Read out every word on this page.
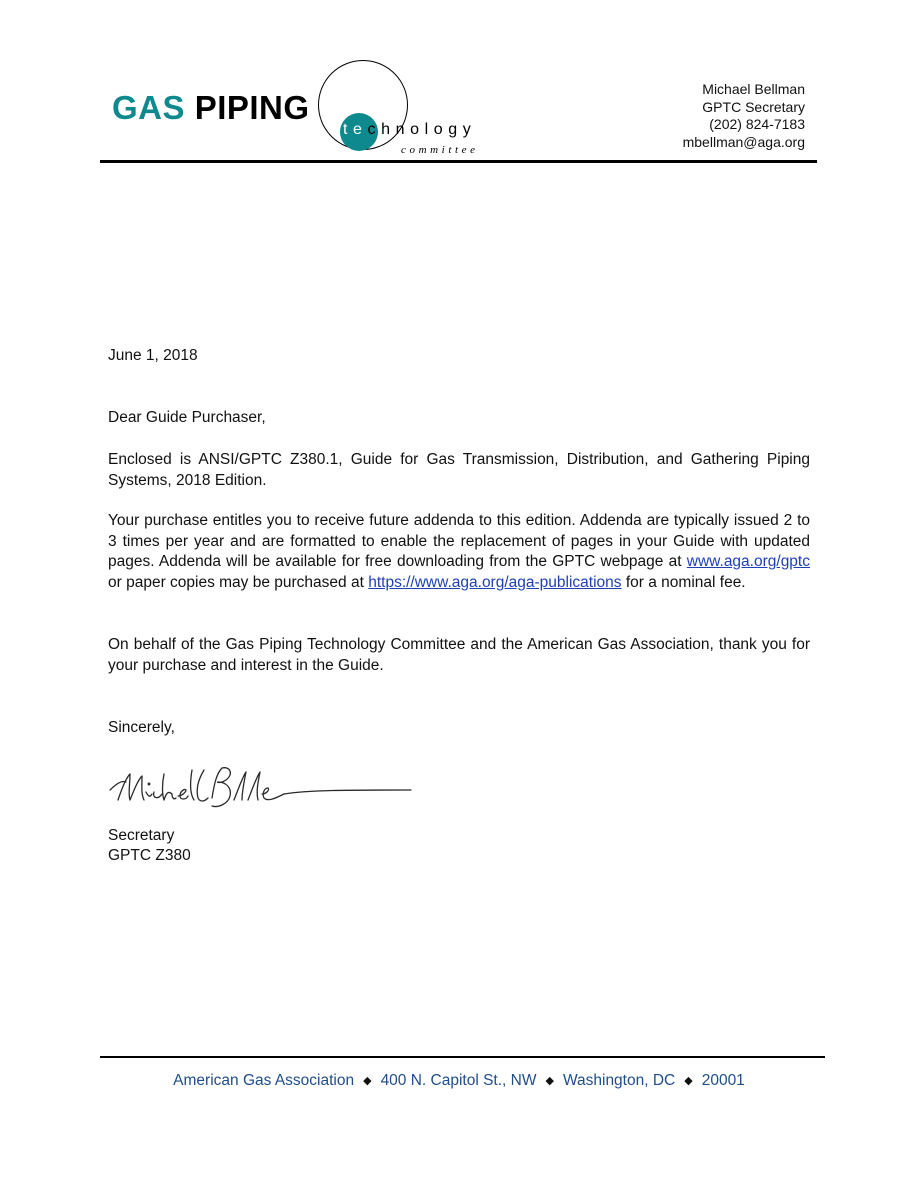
GAS PIPING
technology
committee
Michael Bellman
GPTC Secretary
(202) 824-7183
mbellman@aga.org
June 1, 2018
Dear Guide Purchaser,
Enclosed is ANSI/GPTC Z380.1, Guide for Gas Transmission, Distribution, and Gathering Piping Systems, 2018 Edition.
Your purchase entitles you to receive future addenda to this edition. Addenda are typically issued 2 to 3 times per year and are formatted to enable the replacement of pages in your Guide with updated pages. Addenda will be available for free downloading from the GPTC webpage at www.aga.org/gptc or paper copies may be purchased at https://www.aga.org/aga-publications for a nominal fee.
On behalf of the Gas Piping Technology Committee and the American Gas Association, thank you for your purchase and interest in the Guide.
Sincerely,
Secretary
GPTC Z380
American Gas Association ◆ 400 N. Capitol St., NW ◆ Washington, DC ◆ 20001
